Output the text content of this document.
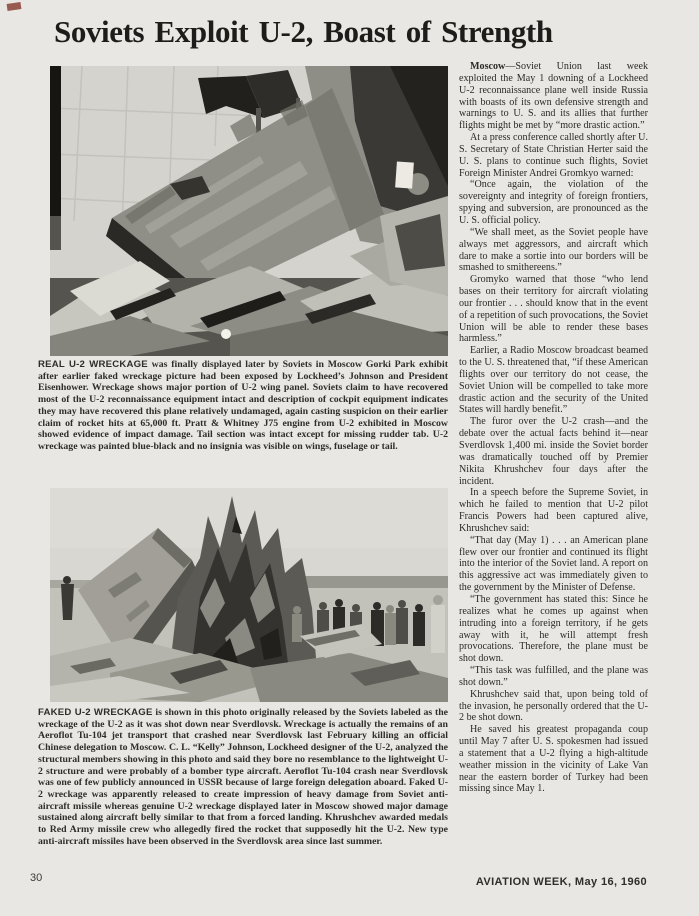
Soviets Exploit U-2, Boast of Strength
REAL U-2 WRECKAGE was finally displayed later by Soviets in Moscow Gorki Park exhibit after earlier faked wreckage picture had been exposed by Lockheed’s Johnson and President Eisenhower. Wreckage shows major portion of U-2 wing panel. Soviets claim to have recovered most of the U-2 reconnaissance equipment intact and description of cockpit equipment indicates they may have recovered this plane relatively undamaged, again casting suspicion on their earlier claim of rocket hits at 65,000 ft. Pratt & Whitney J75 engine from U-2 exhibited in Moscow showed evidence of impact damage. Tail section was intact except for missing rudder tab. U-2 wreckage was painted blue-black and no insignia was visible on wings, fuselage or tail.
FAKED U-2 WRECKAGE is shown in this photo originally released by the Soviets labeled as the wreckage of the U-2 as it was shot down near Sverdlovsk. Wreckage is actually the remains of an Aeroflot Tu-104 jet transport that crashed near Sverdlovsk last February killing an official Chinese delegation to Moscow. C. L. “Kelly” Johnson, Lockheed designer of the U-2, analyzed the structural members showing in this photo and said they bore no resemblance to the lightweight U-2 structure and were probably of a bomber type aircraft. Aeroflot Tu-104 crash near Sverdlovsk was one of few publicly announced in USSR because of large foreign delegation aboard. Faked U-2 wreckage was apparently released to create impression of heavy damage from Soviet anti-aircraft missile whereas genuine U-2 wreckage displayed later in Moscow showed major damage sustained along aircraft belly similar to that from a forced landing. Khrushchev awarded medals to Red Army missile crew who allegedly fired the rocket that supposedly hit the U-2. New type anti-aircraft missiles have been observed in the Sverdlovsk area since last summer.

Moscow—Soviet Union last week exploited the May 1 downing of a Lockheed U-2 reconnaissance plane well inside Russia with boasts of its own defensive strength and warnings to U. S. and its allies that further flights might be met by “more drastic action.”

At a press conference called shortly after U. S. Secretary of State Christian Herter said the U. S. plans to continue such flights, Soviet Foreign Minister Andrei Gromkyo warned:

“Once again, the violation of the sovereignty and integrity of foreign frontiers, spying and subversion, are pronounced as the U. S. official policy.

“We shall meet, as the Soviet people have always met aggressors, and aircraft which dare to make a sortie into our borders will be smashed to smithereens.”

Gromyko warned that those “who lend bases on their territory for aircraft violating our frontier . . . should know that in the event of a repetition of such provocations, the Soviet Union will be able to render these bases harmless.”

Earlier, a Radio Moscow broadcast beamed to the U. S. threatened that, “if these American flights over our territory do not cease, the Soviet Union will be compelled to take more drastic action and the security of the United States will hardly benefit.”

The furor over the U-2 crash—and the debate over the actual facts behind it—near Sverdlovsk 1,400 mi. inside the Soviet border was dramatically touched off by Premier Nikita Khrushchev four days after the incident.

In a speech before the Supreme Soviet, in which he failed to mention that U-2 pilot Francis Powers had been captured alive, Khrushchev said:

“That day (May 1) . . . an American plane flew over our frontier and continued its flight into the interior of the Soviet land. A report on this aggressive act was immediately given to the government by the Minister of Defense.

“The government has stated this: Since he realizes what he comes up against when intruding into a foreign territory, if he gets away with it, he will attempt fresh provocations. Therefore, the plane must be shot down.

“This task was fulfilled, and the plane was shot down.”

Khrushchev said that, upon being told of the invasion, he personally ordered that the U-2 be shot down.

He saved his greatest propaganda coup until May 7 after U. S. spokesmen had issued a statement that a U-2 flying a high-altitude weather mission in the vicinity of Lake Van near the eastern border of Turkey had been missing since May 1.

30	AVIATION WEEK, May 16, 1960
